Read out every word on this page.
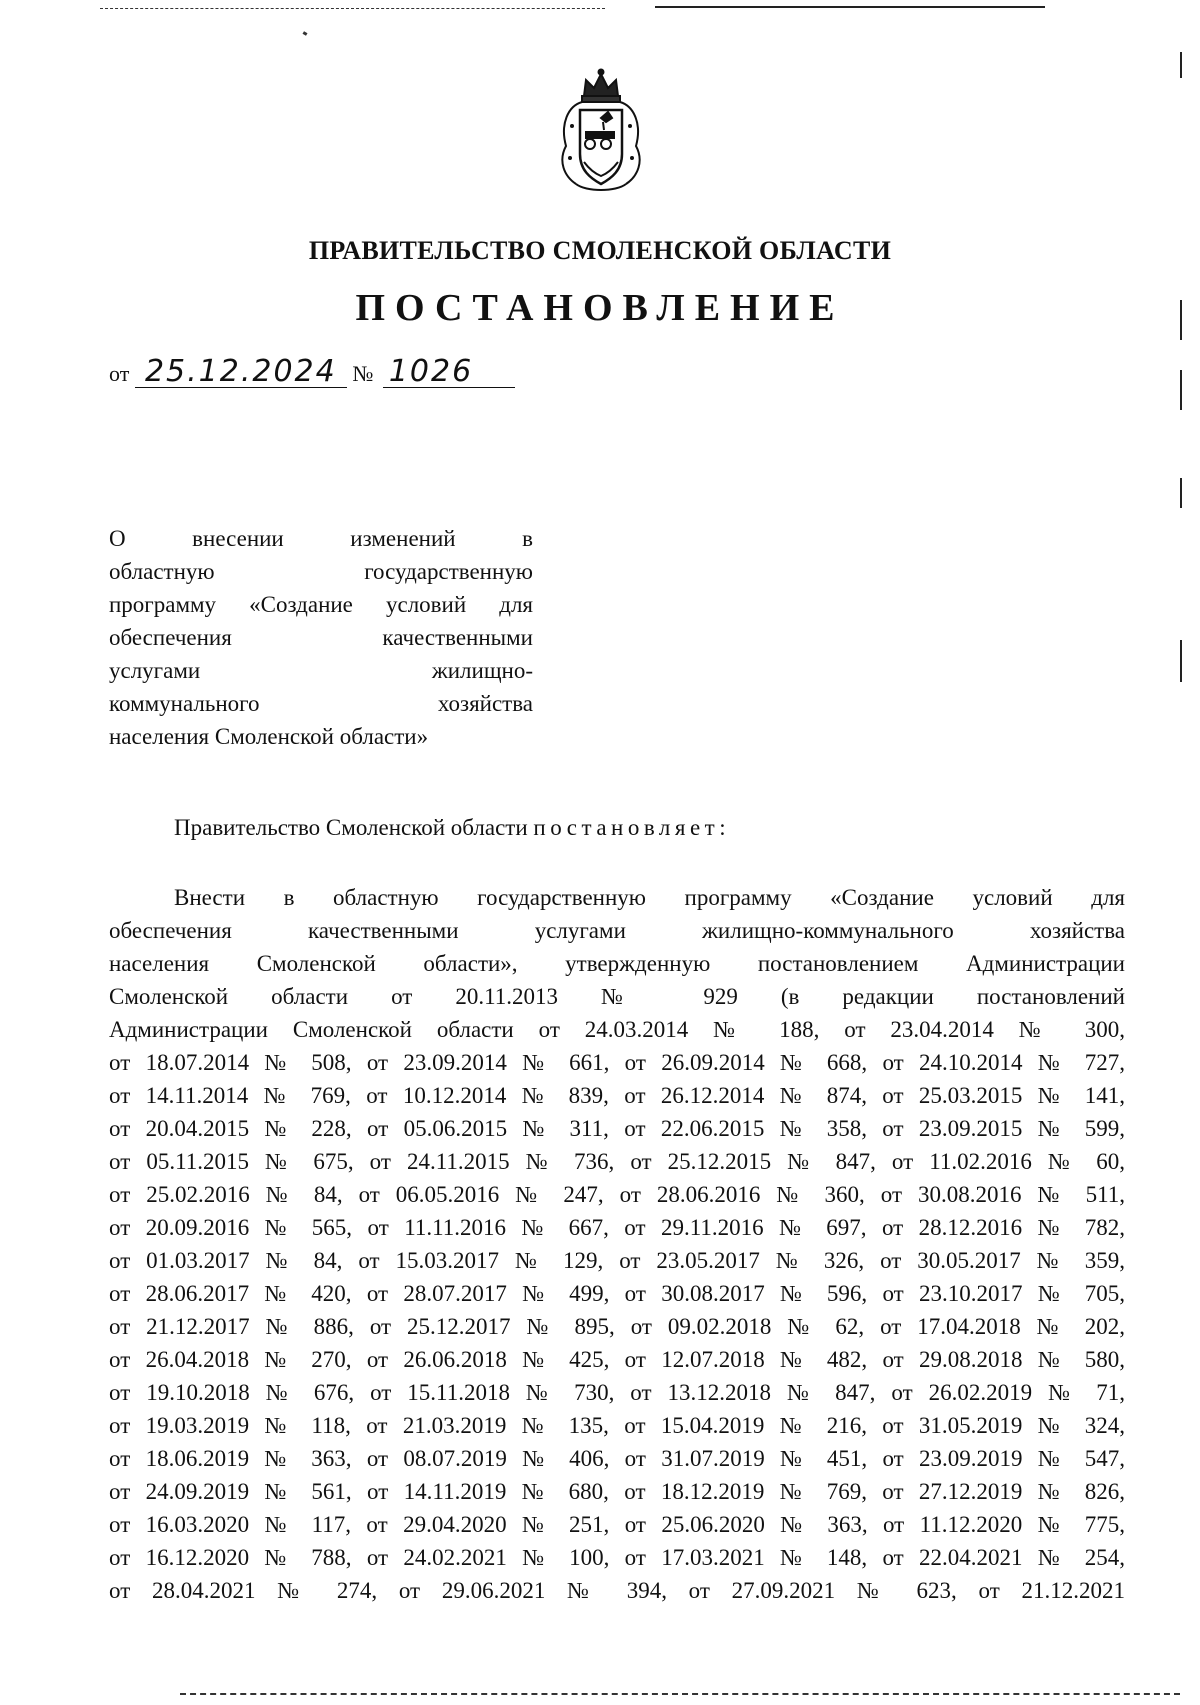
ПРАВИТЕЛЬСТВО СМОЛЕНСКОЙ ОБЛАСТИ
ПОСТАНОВЛЕНИЕ
от 25.12.2024 № 1026
О внесении изменений в
областную государственную
программу «Создание условий для
обеспечения качественными
услугами жилищно-
коммунального хозяйства
населения Смоленской области»
Правительство Смоленской области постановляет:
Внести в областную государственную программу «Создание условий для
обеспечения качественными услугами жилищно-коммунального хозяйства
населения Смоленской области», утвержденную постановлением Администрации
Смоленской области от 20.11.2013 № 929 (в редакции постановлений
Администрации Смоленской области от 24.03.2014 № 188, от 23.04.2014 № 300,
от 18.07.2014 № 508, от 23.09.2014 № 661, от 26.09.2014 № 668, от 24.10.2014 № 727,
от 14.11.2014 № 769, от 10.12.2014 № 839, от 26.12.2014 № 874, от 25.03.2015 № 141,
от 20.04.2015 № 228, от 05.06.2015 № 311, от 22.06.2015 № 358, от 23.09.2015 № 599,
от 05.11.2015 № 675, от 24.11.2015 № 736, от 25.12.2015 № 847, от 11.02.2016 № 60,
от 25.02.2016 № 84, от 06.05.2016 № 247, от 28.06.2016 № 360, от 30.08.2016 № 511,
от 20.09.2016 № 565, от 11.11.2016 № 667, от 29.11.2016 № 697, от 28.12.2016 № 782,
от 01.03.2017 № 84, от 15.03.2017 № 129, от 23.05.2017 № 326, от 30.05.2017 № 359,
от 28.06.2017 № 420, от 28.07.2017 № 499, от 30.08.2017 № 596, от 23.10.2017 № 705,
от 21.12.2017 № 886, от 25.12.2017 № 895, от 09.02.2018 № 62, от 17.04.2018 № 202,
от 26.04.2018 № 270, от 26.06.2018 № 425, от 12.07.2018 № 482, от 29.08.2018 № 580,
от 19.10.2018 № 676, от 15.11.2018 № 730, от 13.12.2018 № 847, от 26.02.2019 № 71,
от 19.03.2019 № 118, от 21.03.2019 № 135, от 15.04.2019 № 216, от 31.05.2019 № 324,
от 18.06.2019 № 363, от 08.07.2019 № 406, от 31.07.2019 № 451, от 23.09.2019 № 547,
от 24.09.2019 № 561, от 14.11.2019 № 680, от 18.12.2019 № 769, от 27.12.2019 № 826,
от 16.03.2020 № 117, от 29.04.2020 № 251, от 25.06.2020 № 363, от 11.12.2020 № 775,
от 16.12.2020 № 788, от 24.02.2021 № 100, от 17.03.2021 № 148, от 22.04.2021 № 254,
от 28.04.2021 № 274, от 29.06.2021 № 394, от 27.09.2021 № 623, от 21.12.2021
